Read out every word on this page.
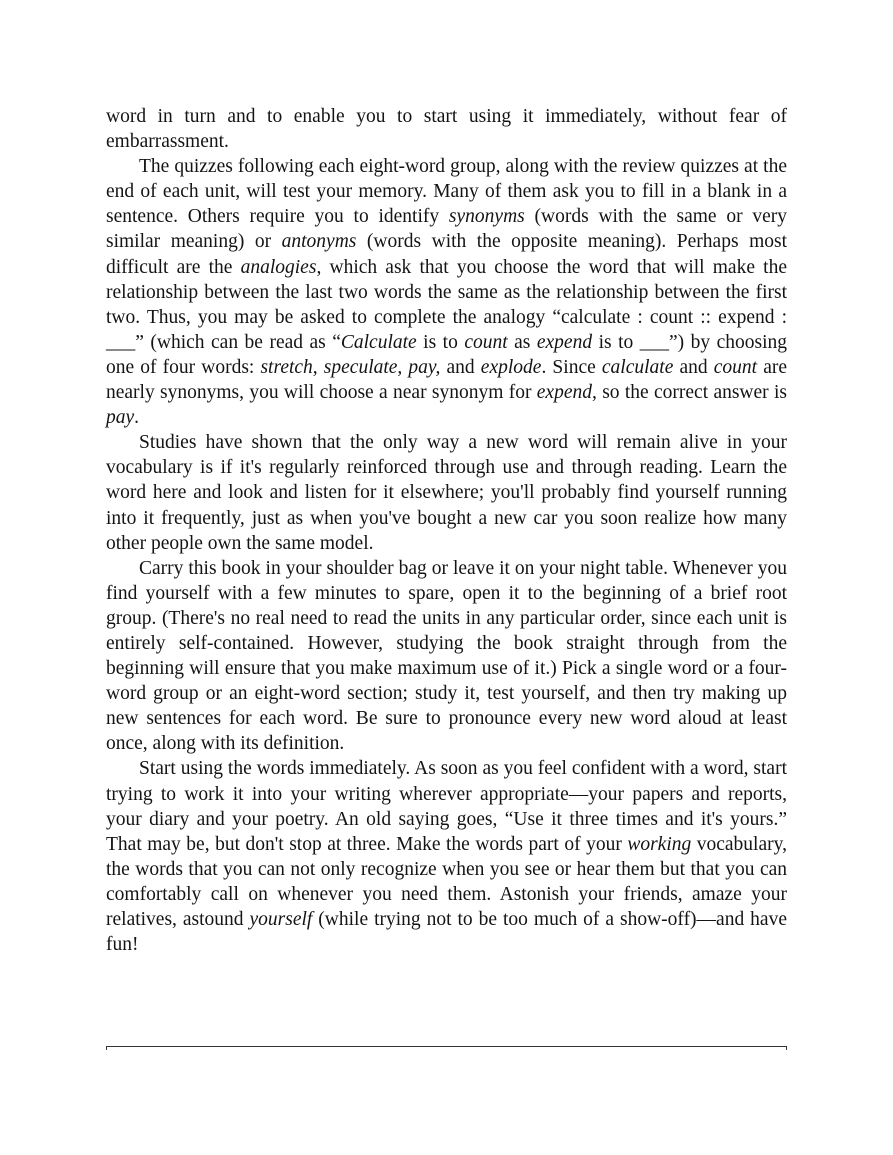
word in turn and to enable you to start using it immediately, without fear of embarrassment.

The quizzes following each eight-word group, along with the review quizzes at the end of each unit, will test your memory. Many of them ask you to fill in a blank in a sentence. Others require you to identify synonyms (words with the same or very similar meaning) or antonyms (words with the opposite meaning). Perhaps most difficult are the analogies, which ask that you choose the word that will make the relationship between the last two words the same as the relationship between the first two. Thus, you may be asked to complete the analogy “calculate : count :: expend : ___” (which can be read as “Calculate is to count as expend is to ___”) by choosing one of four words: stretch, speculate, pay, and explode. Since calculate and count are nearly synonyms, you will choose a near synonym for expend, so the correct answer is pay.

Studies have shown that the only way a new word will remain alive in your vocabulary is if it's regularly reinforced through use and through reading. Learn the word here and look and listen for it elsewhere; you'll probably find yourself running into it frequently, just as when you've bought a new car you soon realize how many other people own the same model.

Carry this book in your shoulder bag or leave it on your night table. Whenever you find yourself with a few minutes to spare, open it to the beginning of a brief root group. (There's no real need to read the units in any particular order, since each unit is entirely self-contained. However, studying the book straight through from the beginning will ensure that you make maximum use of it.) Pick a single word or a four-word group or an eight-word section; study it, test yourself, and then try making up new sentences for each word. Be sure to pronounce every new word aloud at least once, along with its definition.

Start using the words immediately. As soon as you feel confident with a word, start trying to work it into your writing wherever appropriate—your papers and reports, your diary and your poetry. An old saying goes, “Use it three times and it's yours.” That may be, but don't stop at three. Make the words part of your working vocabulary, the words that you can not only recognize when you see or hear them but that you can comfortably call on whenever you need them. Astonish your friends, amaze your relatives, astound yourself (while trying not to be too much of a show-off)—and have fun!
